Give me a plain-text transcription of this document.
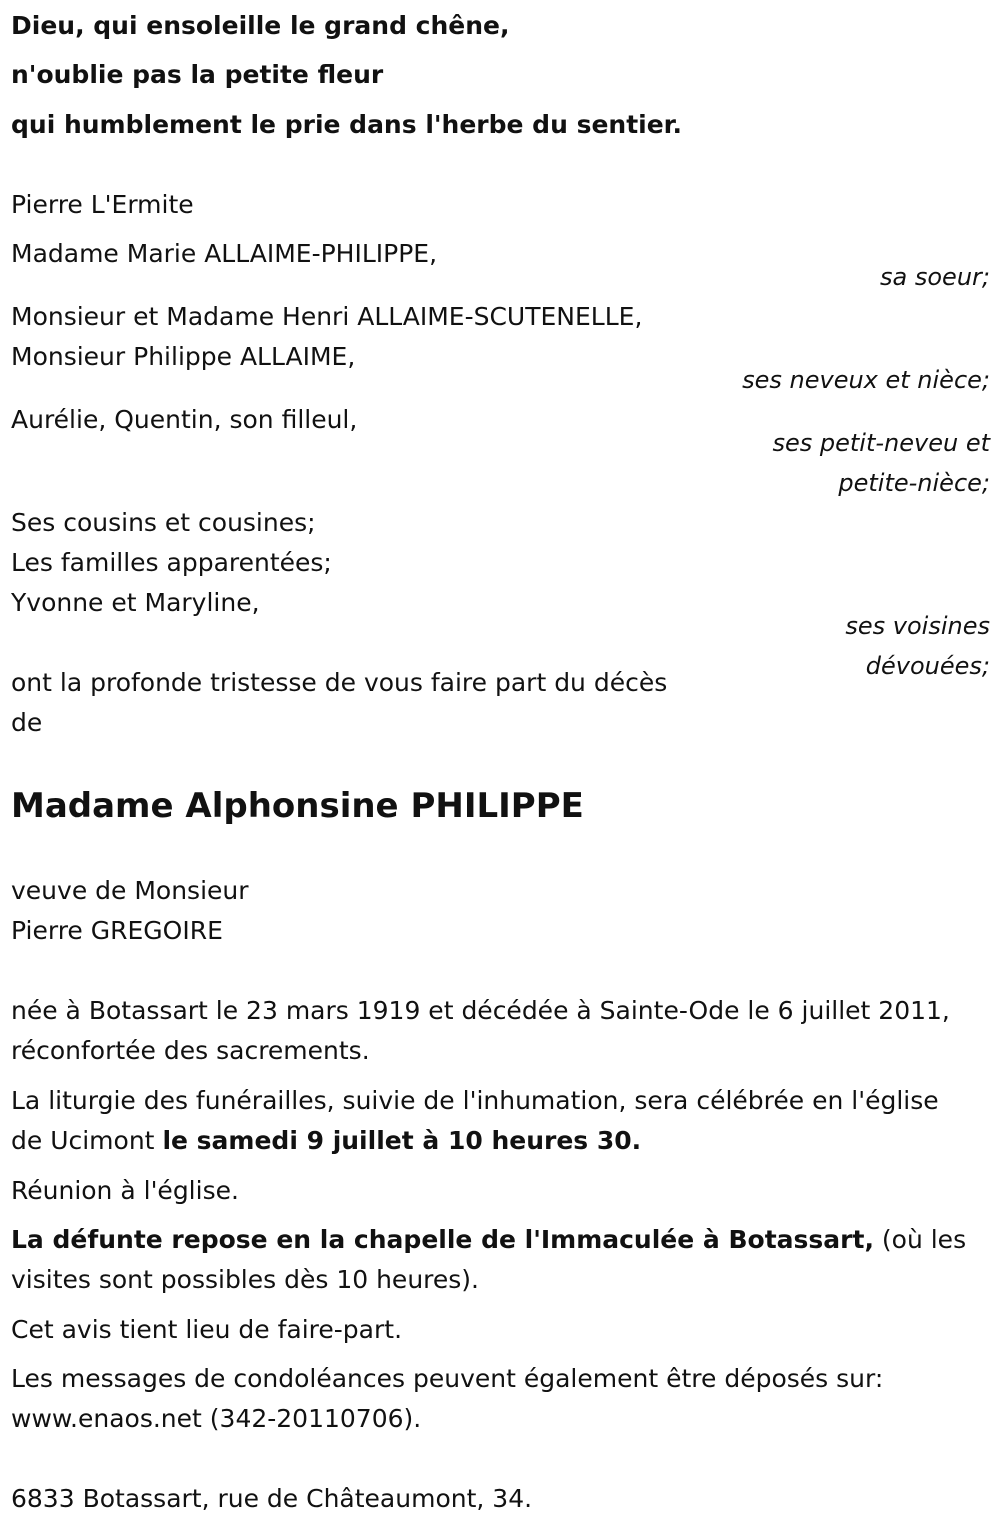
Dieu, qui ensoleille le grand chêne,

n'oublie pas la petite fleur

qui humblement le prie dans l'herbe du sentier.

Pierre L'Ermite

Madame Marie ALLAIME-PHILIPPE,

sa soeur;

Monsieur et Madame Henri ALLAIME-SCUTENELLE,

Monsieur Philippe ALLAIME,

ses neveux et nièce;

Aurélie, Quentin, son filleul,

ses petit-neveu et

petite-nièce;

Ses cousins et cousines;

Les familles apparentées;

Yvonne et Maryline,

ses voisines

dévouées;

ont la profonde tristesse de vous faire part du décès

de

Madame Alphonsine PHILIPPE

veuve de Monsieur

Pierre GREGOIRE

née à Botassart le 23 mars 1919 et décédée à Sainte-Ode le 6 juillet 2011,

réconfortée des sacrements.

La liturgie des funérailles, suivie de l'inhumation, sera célébrée en l'église

de Ucimont le samedi 9 juillet à 10 heures 30.

Réunion à l'église.

La défunte repose en la chapelle de l'Immaculée à Botassart, (où les

visites sont possibles dès 10 heures).

Cet avis tient lieu de faire-part.

Les messages de condoléances peuvent également être déposés sur:

www.enaos.net (342-20110706).

6833 Botassart, rue de Châteaumont, 34.
